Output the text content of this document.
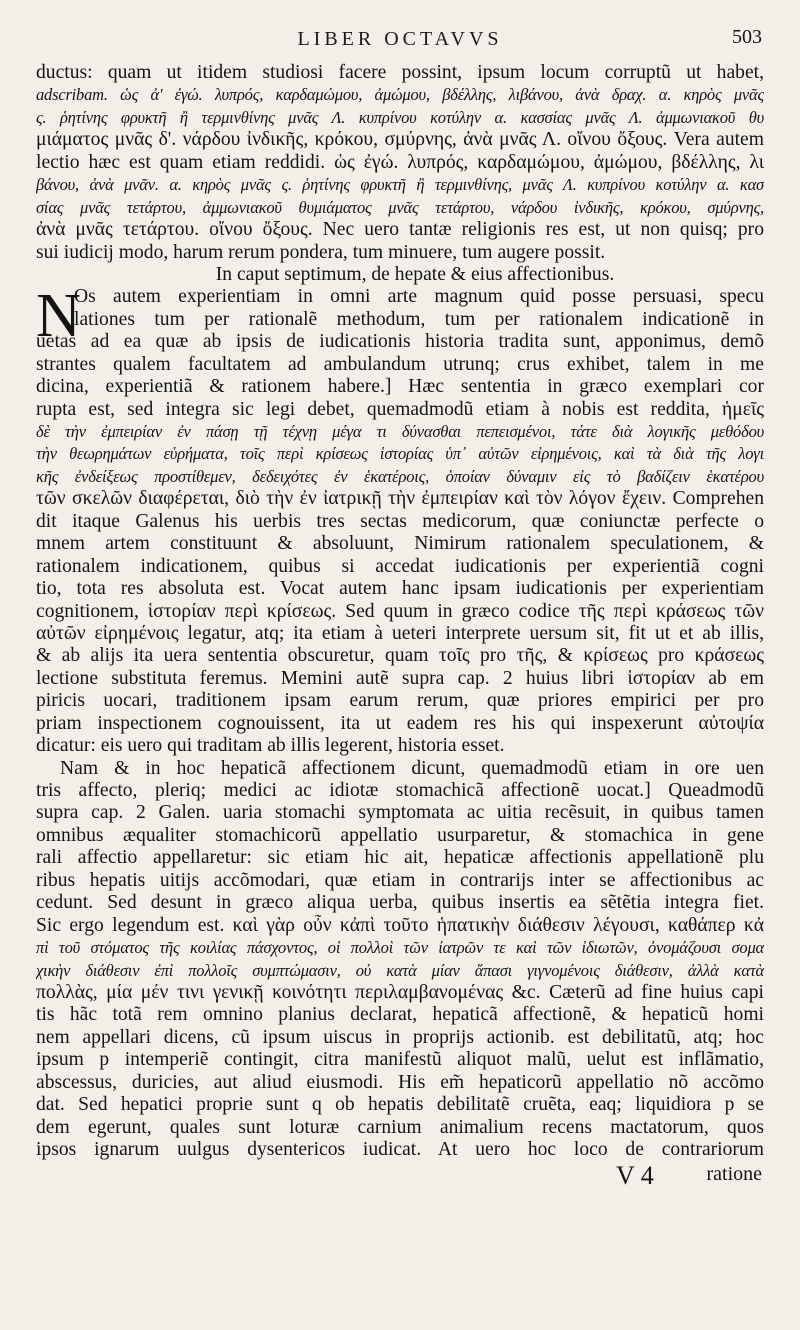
LIBER OCTAVVS	503
ductus: quam ut itidem studiosi facere possint, ipsum locum corruptũ ut habet,
adscribam. ὡς ἀ' ἐγώ. λυπρός, καρδαμώμου, ἀμώμου, βδέλλης, λιβάνου, ἀνὰ δραχ. α. κηρὸς μνᾶς
ς. ῥητίνης φρυκτῆ ἢ τερμινθίνης μνᾶς Λ. κυπρίνου κοτύλην α. κασσίας μνᾶς Λ. ἀμμωνιακοῦ θυ
μιάματος μνᾶς δ'. νάρδου ἰνδικῆς, κρόκου, σμύρνης, ἀνὰ μνᾶς Λ. οἴνου ὄξους. Vera autem
lectio hæc est quam etiam reddidi. ὡς ἐγώ. λυπρός, καρδαμώμου, ἀμώμου, βδέλλης, λι
βάνου, ἀνὰ μνᾶν. α. κηρὸς μνᾶς ς. ῥητίνης φρυκτῆ ἢ τερμινθίνης, μνᾶς Λ. κυπρίνου κοτύλην α. κασ
σίας μνᾶς τετάρτου, ἀμμωνιακοῦ θυμιάματος μνᾶς τετάρτου, νάρδου ἰνδικῆς, κρόκου, σμύρνης,
ἀνὰ μνᾶς τετάρτου. οἴνου ὄξους. Nec uero tantæ religionis res est, ut non quisq; pro
sui iudicij modo, harum rerum pondera, tum minuere, tum augere possit.
In caput septimum, de hepate & eius affectionibus.
N
Os autem experientiam in omni arte magnum quid posse persuasi, specu
lationes tum per rationalẽ methodum, tum per rationalem indicationẽ in
uetas ad ea quæ ab ipsis de iudicationis historia tradita sunt, apponimus, demõ
strantes qualem facultatem ad ambulandum utrunq; crus exhibet, talem in me
dicina, experientiã & rationem habere.] Hæc sententia in græco exemplari cor
rupta est, sed integra sic legi debet, quemadmodũ etiam à nobis est reddita, ἡμεῖς
δὲ τὴν ἐμπειρίαν ἐν πάσῃ τῇ τέχνῃ μέγα τι δύνασθαι πεπεισμένοι, τάτε διὰ λογικῆς μεθόδου
τὴν θεωρημάτων εὑρήματα, τοῖς περὶ κρίσεως ἱστορίας ὑπ᾽ αὐτῶν εἰρημένοις, καὶ τὰ διὰ τῆς λογι
κῆς ἐνδείξεως προστίθεμεν, δεδειχότες ἐν ἑκατέροις, ὁποίαν δύναμιν εἰς τὸ βαδίζειν ἑκατέρου
τῶν σκελῶν διαφέρεται, διὸ τὴν ἐν ἰατρικῇ τὴν ἐμπειρίαν καὶ τὸν λόγον ἔχειν. Comprehen
dit itaque Galenus his uerbis tres sectas medicorum, quæ coniunctæ perfecte o
mnem artem constituunt & absoluunt, Nimirum rationalem speculationem, &
rationalem indicationem, quibus si accedat iudicationis per experientiã cogni
tio, tota res absoluta est. Vocat autem hanc ipsam iudicationis per experientiam
cognitionem, ἱστορίαν περὶ κρίσεως. Sed quum in græco codice τῆς περὶ κράσεως τῶν
αὐτῶν εἰρημένοις legatur, atq; ita etiam à ueteri interprete uersum sit, fit ut et ab illis,
& ab alijs ita uera sententia obscuretur, quam τοῖς pro τῆς, & κρίσεως pro κράσεως
lectione substituta feremus. Memini autẽ supra cap. 2 huius libri ἱστορίαν ab em
piricis uocari, traditionem ipsam earum rerum, quæ priores empirici per pro
priam inspectionem cognouissent, ita ut eadem res his qui inspexerunt αὐτοψία
dicatur: eis uero qui traditam ab illis legerent, historia esset.
Nam & in hoc hepaticã affectionem dicunt, quemadmodũ etiam in ore uen
tris affecto, pleriq; medici ac idiotæ stomachicã affectionẽ uocat.] Queadmodũ
supra cap. 2 Galen. uaria stomachi symptomata ac uitia recẽsuit, in quibus tamen
omnibus æqualiter stomachicorũ appellatio usurparetur, & stomachica in gene
rali affectio appellaretur: sic etiam hic ait, hepaticæ affectionis appellationẽ plu
ribus hepatis uitijs accõmodari, quæ etiam in contrarijs inter se affectionibus ac
cedunt. Sed desunt in græco aliqua uerba, quibus insertis ea sẽtẽtia integra fiet.
Sic ergo legendum est. καὶ γὰρ οὖν κἀπὶ τοῦτο ἡπατικὴν διάθεσιν λέγουσι, καθάπερ κἀ
πὶ τοῦ στόματος τῆς κοιλίας πάσχοντος, οἱ πολλοὶ τῶν ἰατρῶν τε καὶ τῶν ἰδιωτῶν, ὀνομάζουσι σομα
χικὴν διάθεσιν ἐπὶ πολλοῖς συμπτώμασιν, οὐ κατὰ μίαν ἅπασι γιγνομένοις διάθεσιν, ἀλλὰ κατὰ
πολλὰς, μία μέν τινι γενικῇ κοινότητι περιλαμβανομένας &c. Cæterũ ad fine huius capi
tis hãc totã rem omnino planius declarat, hepaticã affectionẽ, & hepaticũ homi
nem appellari dicens, cũ ipsum uiscus in proprijs actionib. est debilitatũ, atq; hoc
ipsum p intemperiẽ contingit, citra manifestũ aliquot malũ, uelut est inflãmatio,
abscessus, duricies, aut aliud eiusmodi. His em̃ hepaticorũ appellatio nõ accõmo
dat. Sed hepatici proprie sunt q ob hepatis debilitatẽ cruẽta, eaq; liquidiora p se
dem egerunt, quales sunt loturæ carnium animalium recens mactatorum, quos
ipsos ignarum uulgus dysentericos iudicat. At uero hoc loco de contrariorum
V 4	ratione
